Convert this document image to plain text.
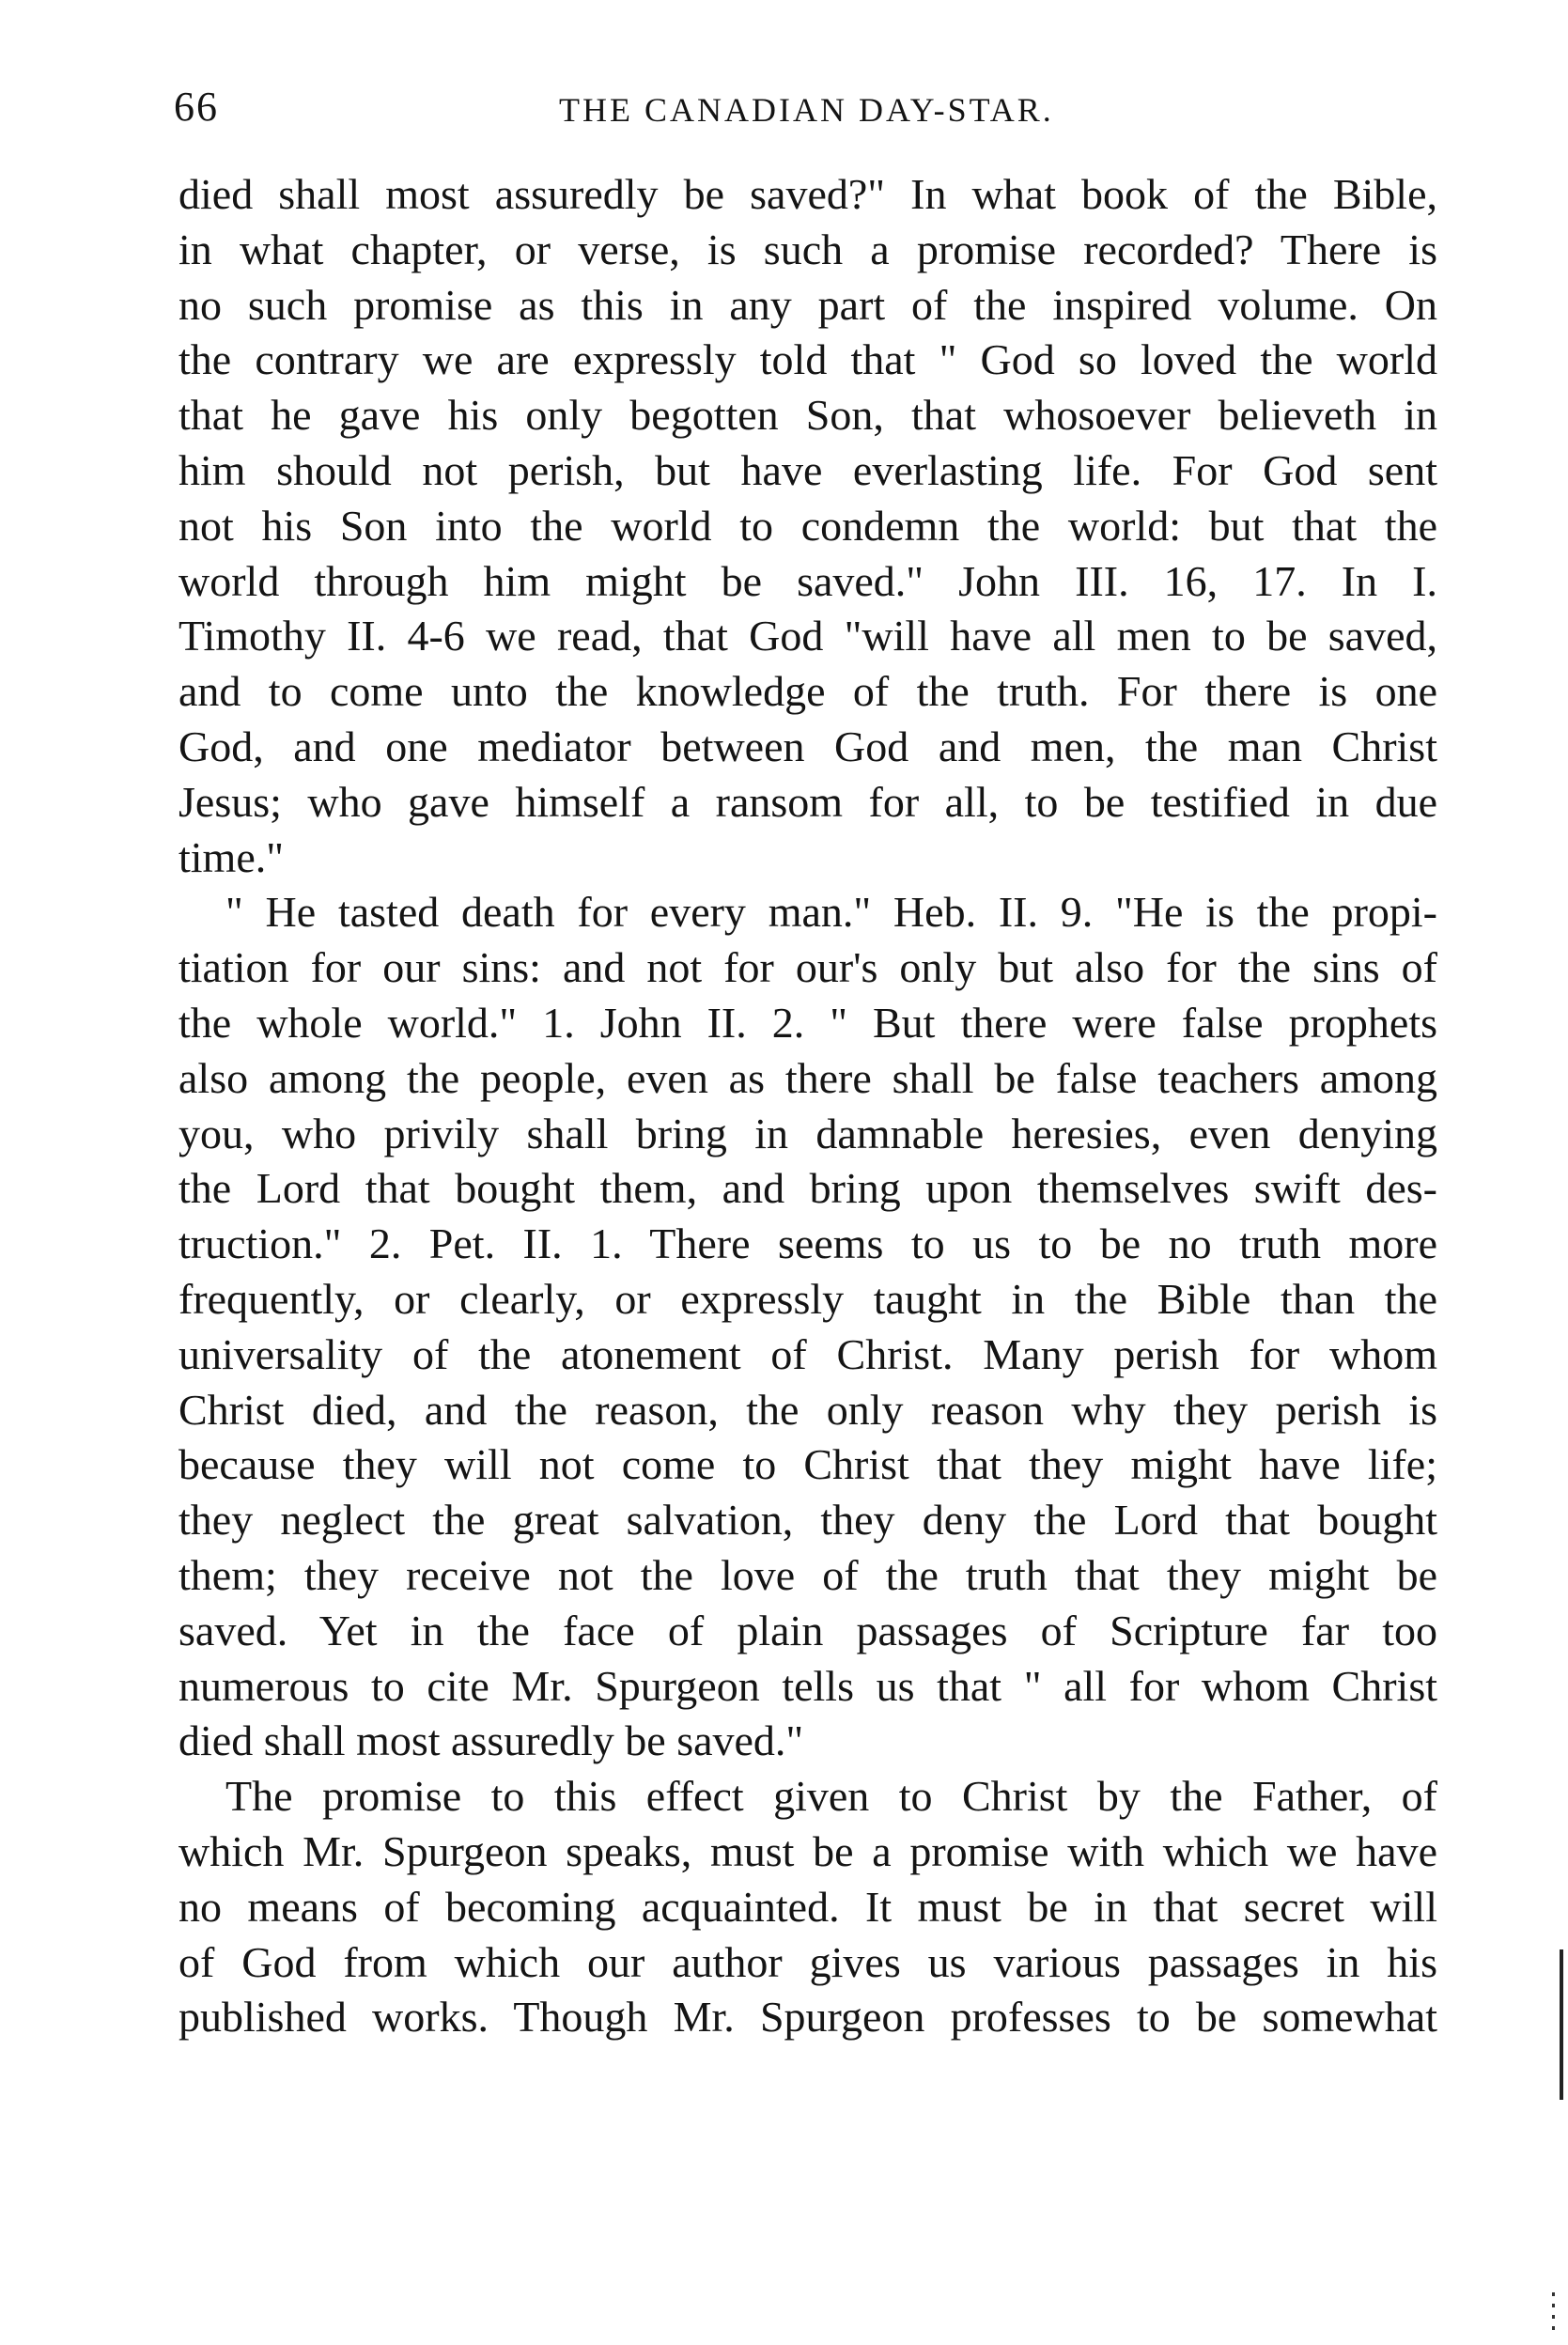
66	THE CANADIAN DAY-STAR.
died shall most assuredly be saved?" In what book of the Bible,
in what chapter, or verse, is such a promise recorded? There is
no such promise as this in any part of the inspired volume. On
the contrary we are expressly told that " God so loved the world
that he gave his only begotten Son, that whosoever believeth in
him should not perish, but have everlasting life. For God sent
not his Son into the world to condemn the world: but that the
world through him might be saved." John III. 16, 17. In I.
Timothy II. 4-6 we read, that God "will have all men to be saved,
and to come unto the knowledge of the truth. For there is one
God, and one mediator between God and men, the man Christ
Jesus; who gave himself a ransom for all, to be testified in due
time."
" He tasted death for every man." Heb. II. 9. "He is the propi-
tiation for our sins: and not for our's only but also for the sins of
the whole world." 1. John II. 2. " But there were false prophets
also among the people, even as there shall be false teachers among
you, who privily shall bring in damnable heresies, even denying
the Lord that bought them, and bring upon themselves swift des-
truction." 2. Pet. II. 1. There seems to us to be no truth more
frequently, or clearly, or expressly taught in the Bible than the
universality of the atonement of Christ. Many perish for whom
Christ died, and the reason, the only reason why they perish is
because they will not come to Christ that they might have life;
they neglect the great salvation, they deny the Lord that bought
them; they receive not the love of the truth that they might be
saved. Yet in the face of plain passages of Scripture far too
numerous to cite Mr. Spurgeon tells us that " all for whom Christ
died shall most assuredly be saved."
The promise to this effect given to Christ by the Father, of
which Mr. Spurgeon speaks, must be a promise with which we have
no means of becoming acquainted. It must be in that secret will
of God from which our author gives us various passages in his
published works. Though Mr. Spurgeon professes to be somewhat
